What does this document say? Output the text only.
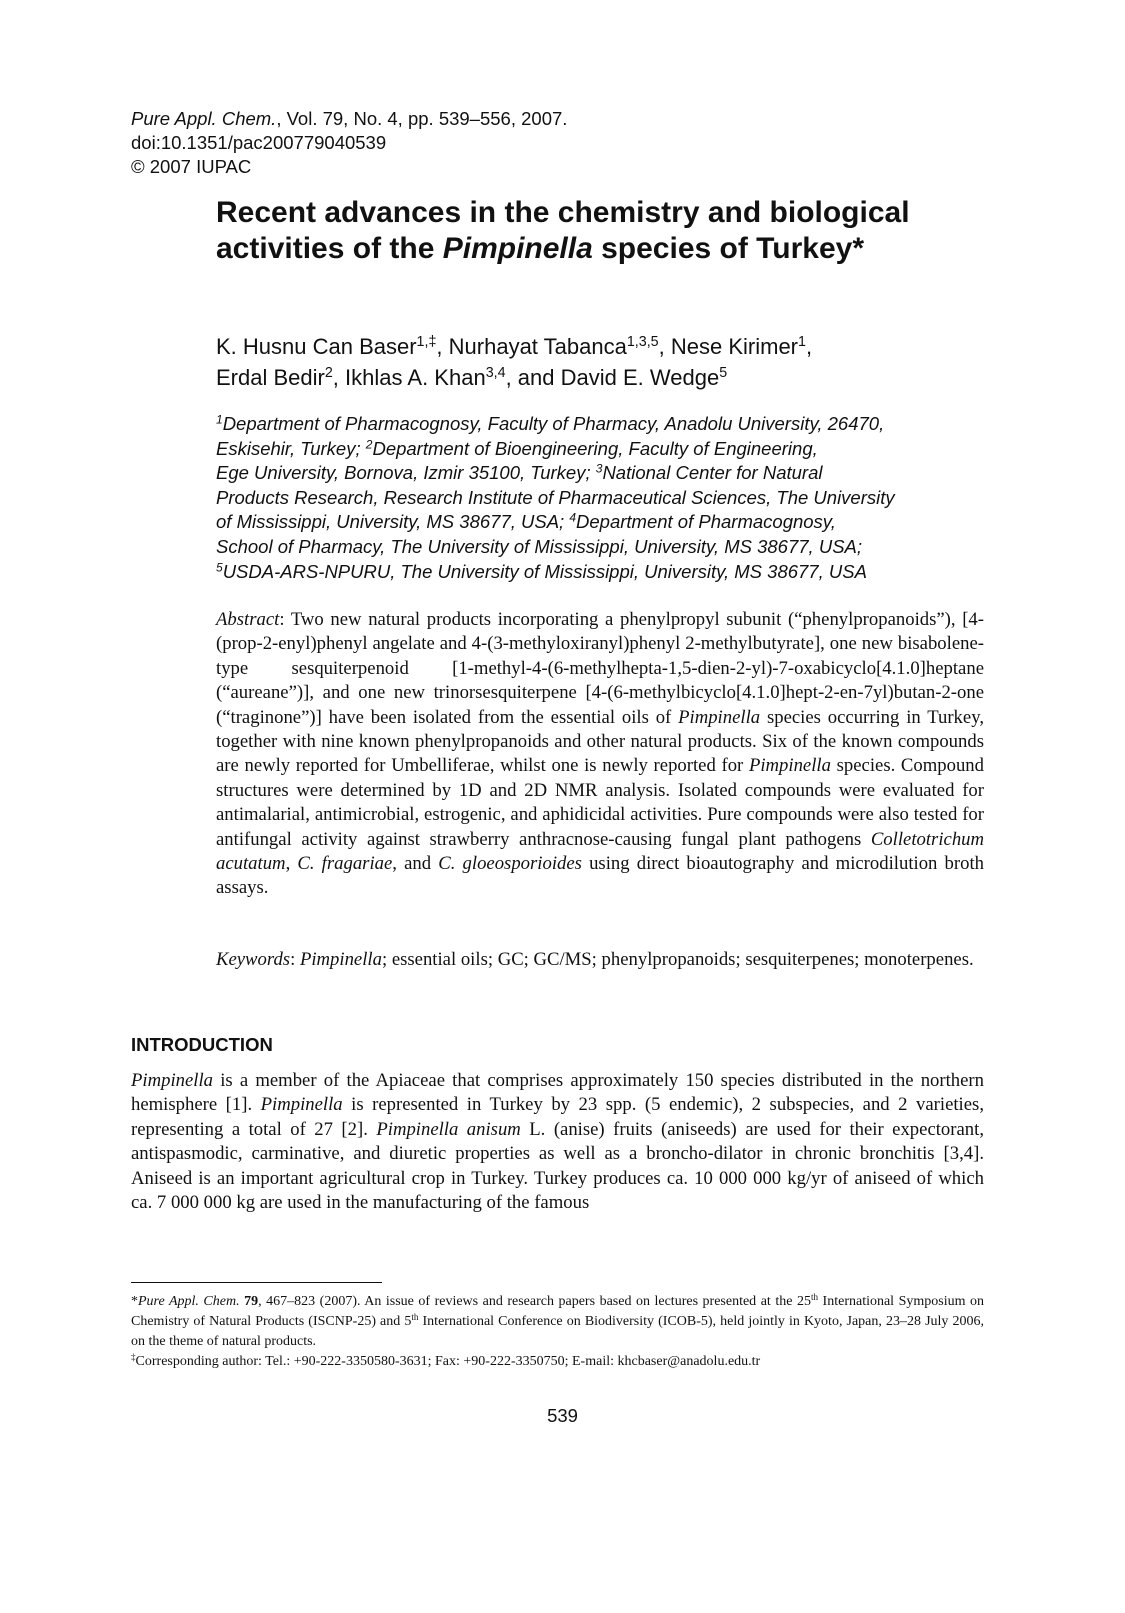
Pure Appl. Chem., Vol. 79, No. 4, pp. 539–556, 2007.
doi:10.1351/pac200779040539
© 2007 IUPAC
Recent advances in the chemistry and biological activities of the Pimpinella species of Turkey*
K. Husnu Can Baser$^{1,\ddagger}$, Nurhayat Tabanca$^{1,3,5}$, Nese Kirimer$^1$,
Erdal Bedir$^2$, Ikhlas A. Khan$^{3,4}$, and David E. Wedge$^5$
$^1$Department of Pharmacognosy, Faculty of Pharmacy, Anadolu University, 26470,
Eskisehir, Turkey; $^2$Department of Bioengineering, Faculty of Engineering,
Ege University, Bornova, Izmir 35100, Turkey; $^3$National Center for Natural
Products Research, Research Institute of Pharmaceutical Sciences, The University
of Mississippi, University, MS 38677, USA; $^4$Department of Pharmacognosy,
School of Pharmacy, The University of Mississippi, University, MS 38677, USA;
$^5$USDA-ARS-NPURU, The University of Mississippi, University, MS 38677, USA
Abstract: Two new natural products incorporating a phenylpropyl subunit (“phenylpropanoids”), [4-(prop-2-enyl)phenyl angelate and 4-(3-methyloxiranyl)phenyl 2-methylbutyrate], one new bisabolene-type sesquiterpenoid [1-methyl-4-(6-methylhepta-1,5-dien-2-yl)-7-oxabicyclo[4.1.0]heptane (“aureane”)], and one new trinorsesquiterpene [4-(6-methylbicyclo[4.1.0]hept-2-en-7yl)butan-2-one (“traginone”)] have been isolated from the essential oils of Pimpinella species occurring in Turkey, together with nine known phenylpropanoids and other natural products. Six of the known compounds are newly reported for Umbelliferae, whilst one is newly reported for Pimpinella species. Compound structures were determined by 1D and 2D NMR analysis. Isolated compounds were evaluated for antimalarial, antimicrobial, estrogenic, and aphidicidal activities. Pure compounds were also tested for antifungal activity against strawberry anthracnose-causing fungal plant pathogens Colletotrichum acutatum, C. fragariae, and C. gloeosporioides using direct bioautography and microdilution broth assays.
Keywords: Pimpinella; essential oils; GC; GC/MS; phenylpropanoids; sesquiterpenes; monoterpenes.
INTRODUCTION
Pimpinella is a member of the Apiaceae that comprises approximately 150 species distributed in the northern hemisphere [1]. Pimpinella is represented in Turkey by 23 spp. (5 endemic), 2 subspecies, and 2 varieties, representing a total of 27 [2]. Pimpinella anisum L. (anise) fruits (aniseeds) are used for their expectorant, antispasmodic, carminative, and diuretic properties as well as a broncho-dilator in chronic bronchitis [3,4]. Aniseed is an important agricultural crop in Turkey. Turkey produces ca. 10 000 000 kg/yr of aniseed of which ca. 7 000 000 kg are used in the manufacturing of the famous

*Pure Appl. Chem. 79, 467–823 (2007). An issue of reviews and research papers based on lectures presented at the 25th International Symposium on Chemistry of Natural Products (ISCNP-25) and 5th International Conference on Biodiversity (ICOB-5), held jointly in Kyoto, Japan, 23–28 July 2006, on the theme of natural products.

‡Corresponding author: Tel.: +90-222-3350580-3631; Fax: +90-222-3350750; E-mail: khcbaser@anadolu.edu.tr

539
